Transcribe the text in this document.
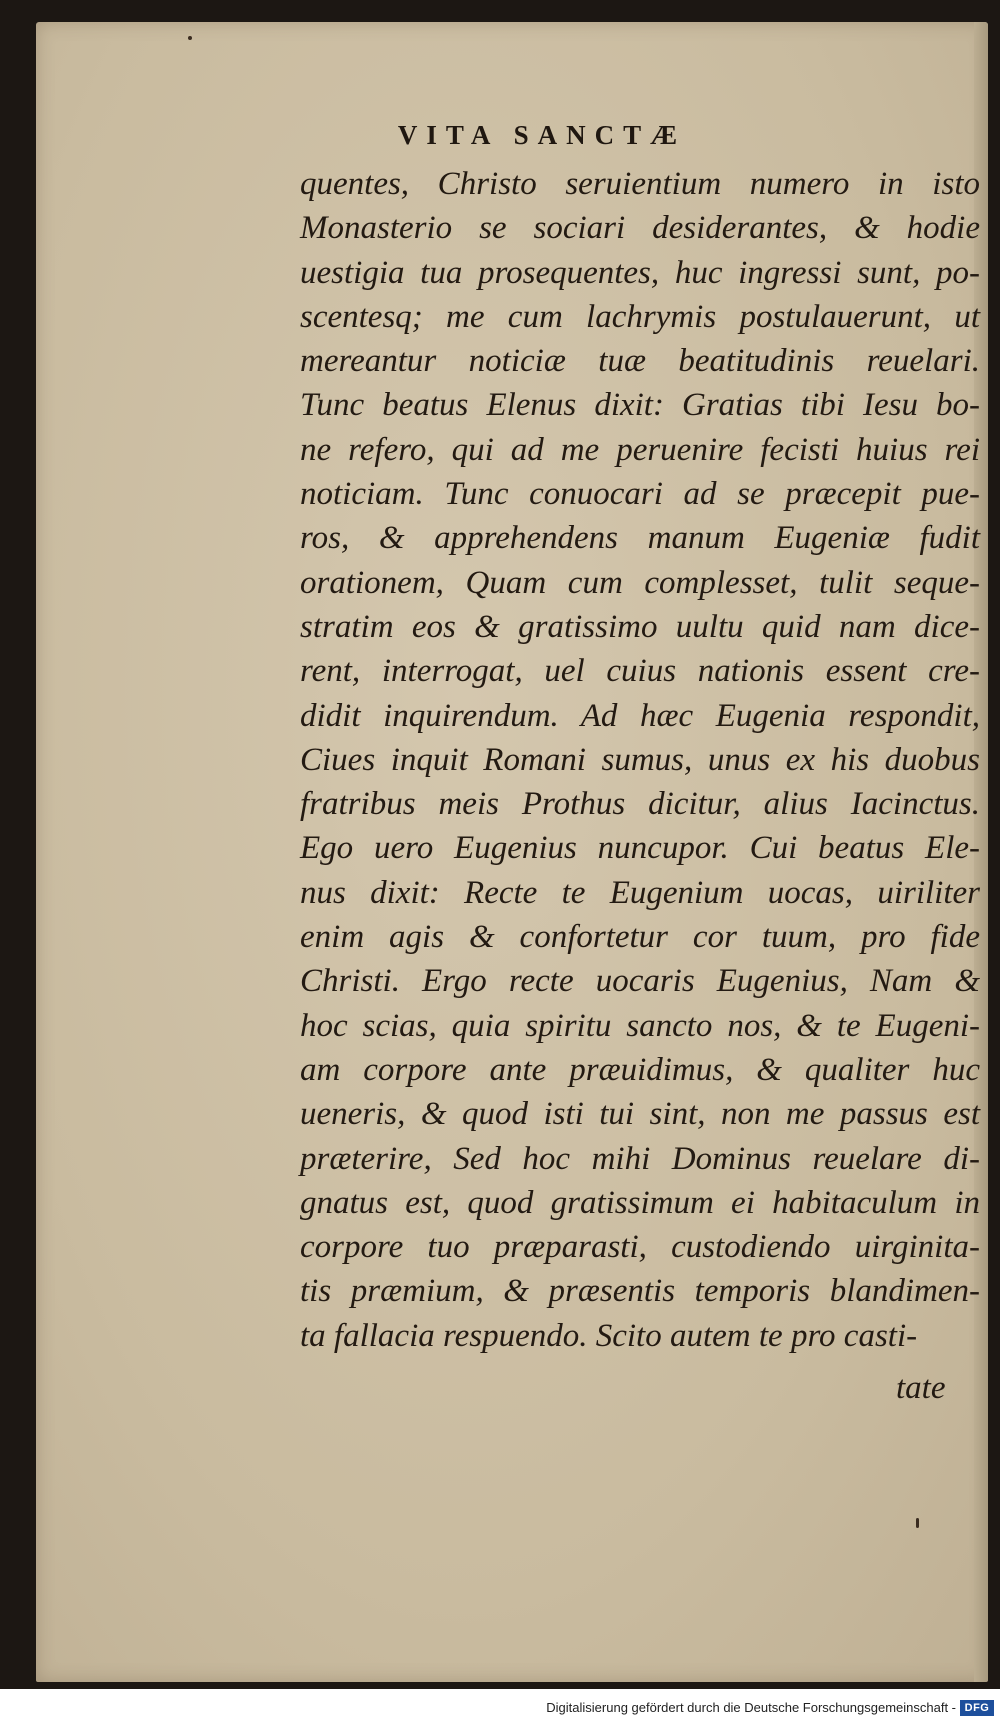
VITA SANCTÆ
quentes, Christo seruientium numero in isto
Monasterio se sociari desiderantes, & hodie
uestigia tua prosequentes, huc ingressi sunt, po-
scentesq; me cum lachrymis postulauerunt, ut
mereantur noticiæ tuæ beatitudinis reuelari.
Tunc beatus Elenus dixit: Gratias tibi Iesu bo-
ne refero, qui ad me peruenire fecisti huius rei
noticiam. Tunc conuocari ad se præcepit pue-
ros, & apprehendens manum Eugeniæ fudit
orationem, Quam cum complesset, tulit seque-
stratim eos & gratissimo uultu quid nam dice-
rent, interrogat, uel cuius nationis essent cre-
didit inquirendum. Ad hæc Eugenia respondit,
Ciues inquit Romani sumus, unus ex his duobus
fratribus meis Prothus dicitur, alius Iacinctus.
Ego uero Eugenius nuncupor. Cui beatus Ele-
nus dixit: Recte te Eugenium uocas, uiriliter
enim agis & confortetur cor tuum, pro fide
Christi. Ergo recte uocaris Eugenius, Nam &
hoc scias, quia spiritu sancto nos, & te Eugeni-
am corpore ante præuidimus, & qualiter huc
ueneris, & quod isti tui sint, non me passus est
præterire, Sed hoc mihi Dominus reuelare di-
gnatus est, quod gratissimum ei habitaculum in
corpore tuo præparasti, custodiendo uirginita-
tis præmium, & præsentis temporis blandimen-
ta fallacia respuendo. Scito autem te pro casti-
tate
Digitalisierung gefördert durch die Deutsche Forschungsgemeinschaft - DFG
